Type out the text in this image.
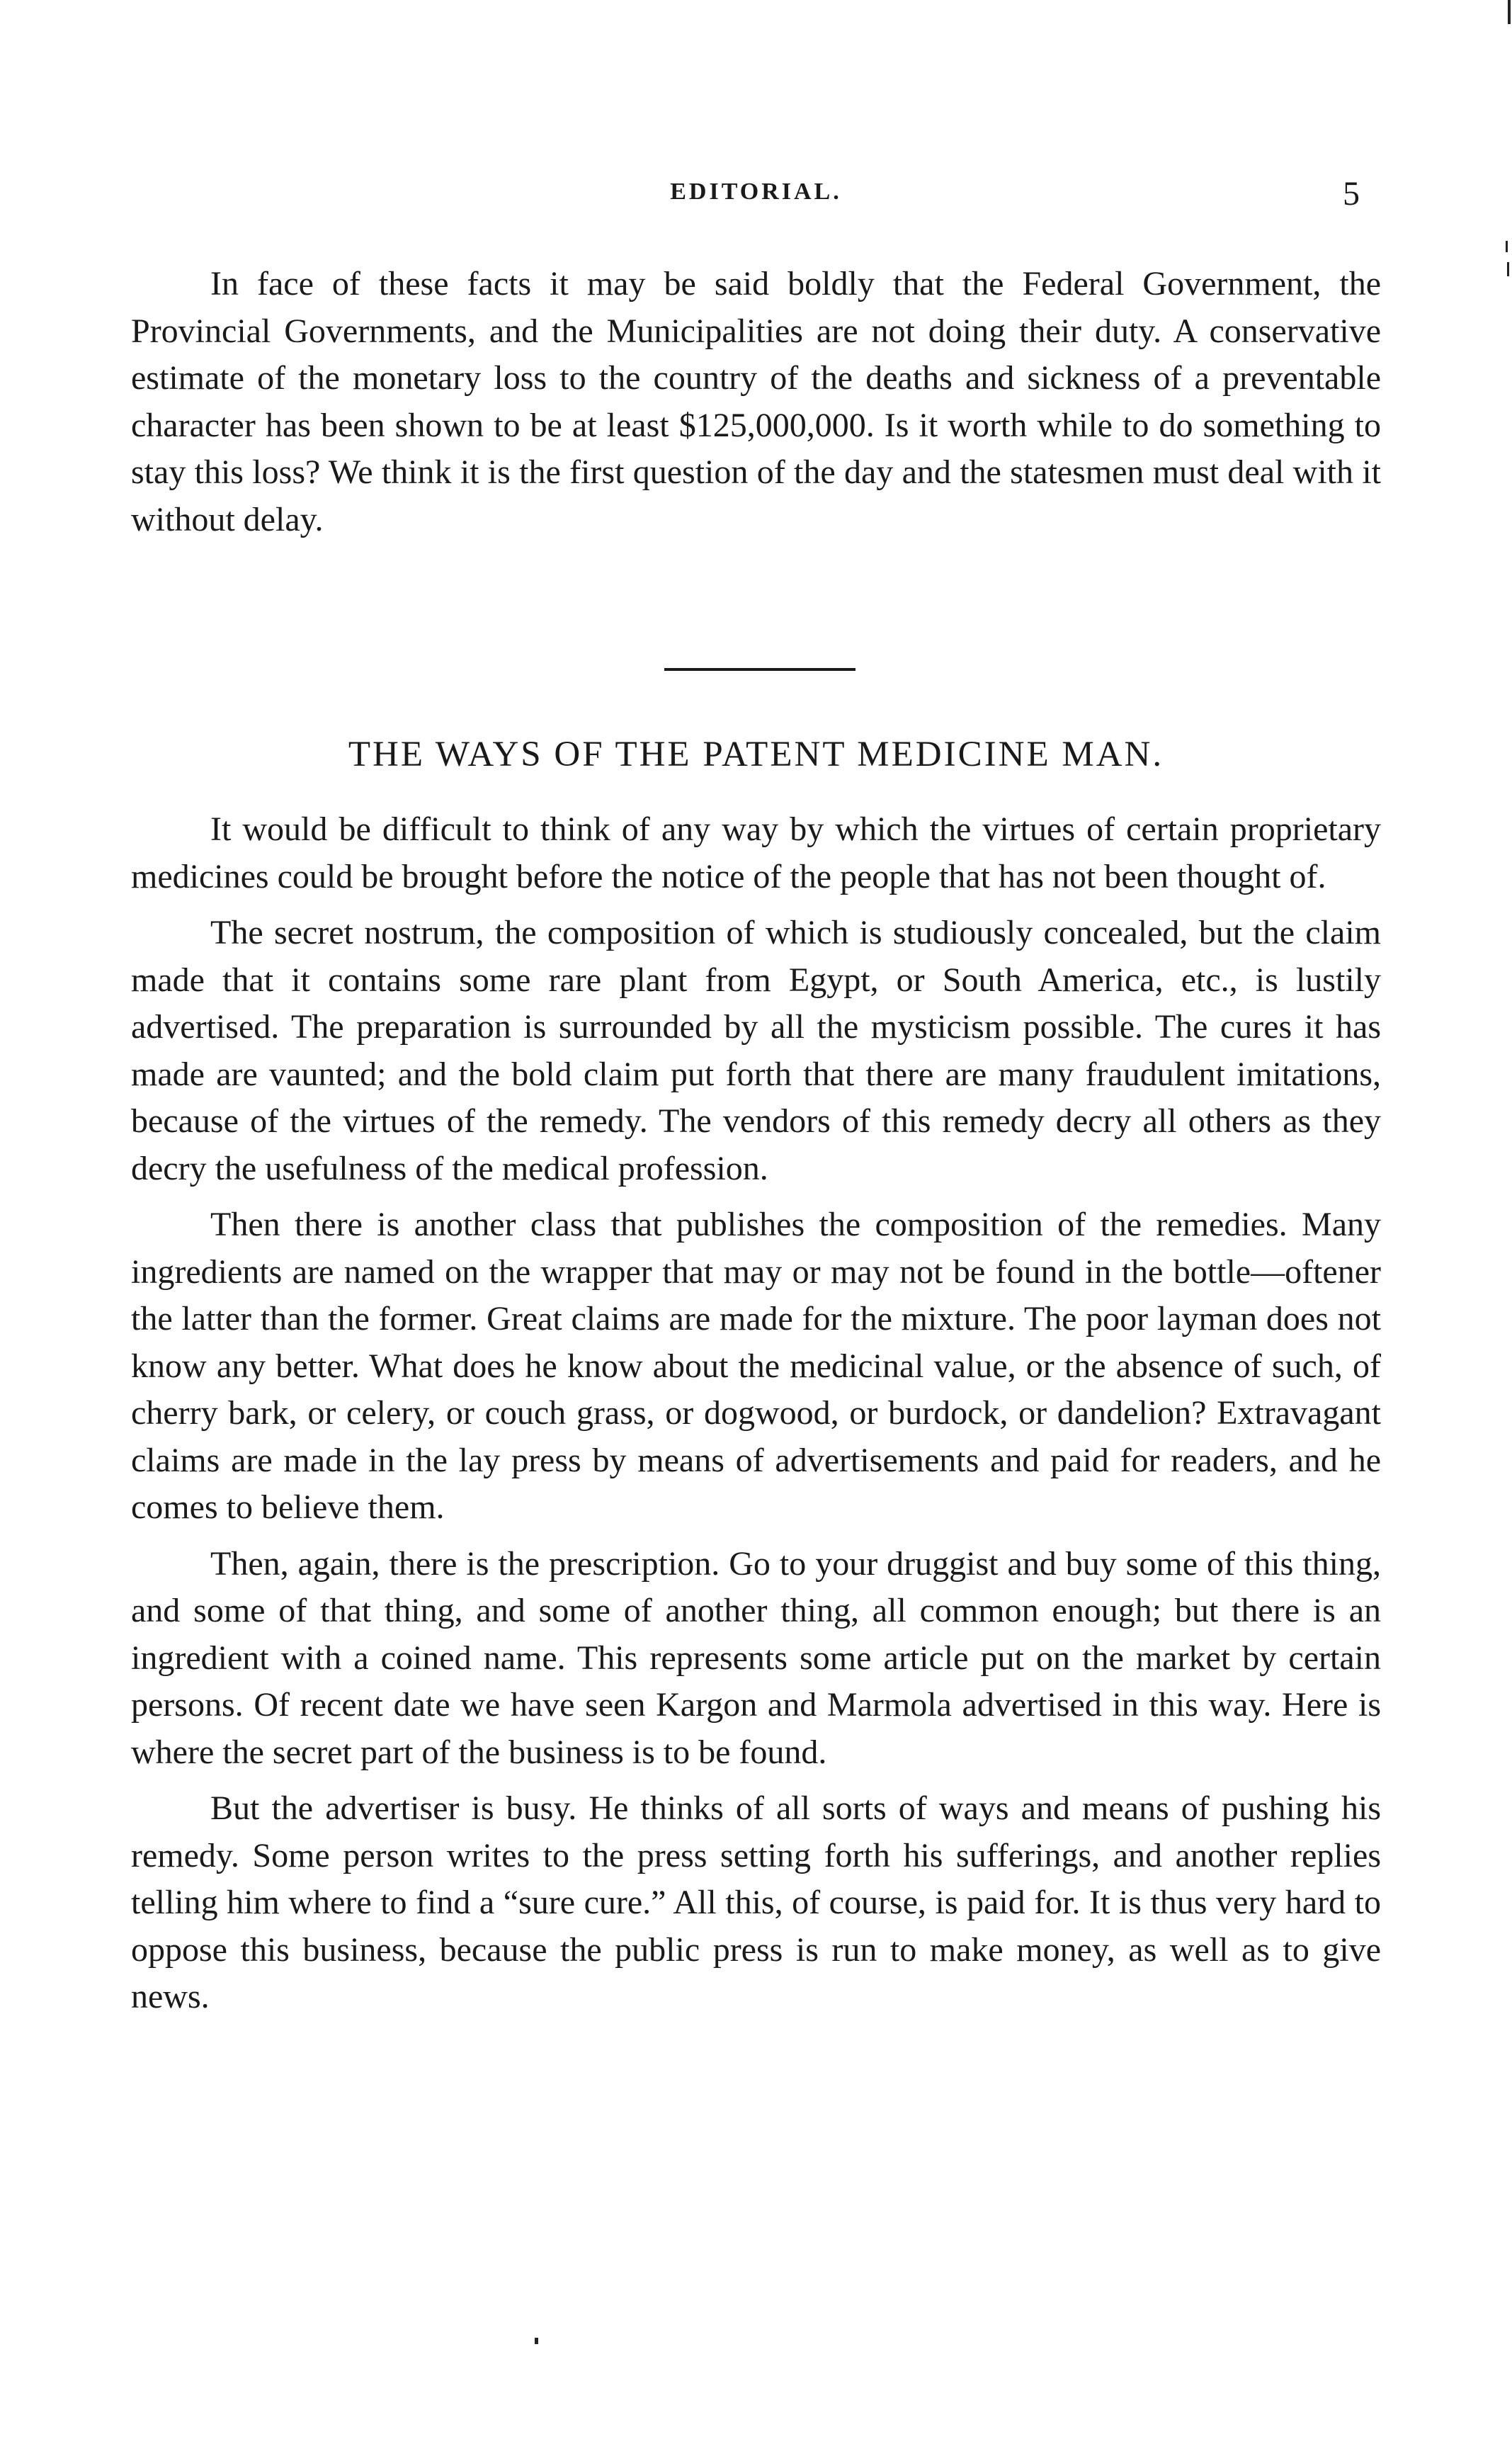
EDITORIAL.	5

In face of these facts it may be said boldly that the Federal Government, the Provincial Governments, and the Municipalities are not doing their duty. A conservative estimate of the monetary loss to the country of the deaths and sickness of a preventable character has been shown to be at least $125,000,000. Is it worth while to do something to stay this loss? We think it is the first question of the day and the statesmen must deal with it without delay.

THE WAYS OF THE PATENT MEDICINE MAN.

It would be difficult to think of any way by which the virtues of certain proprietary medicines could be brought before the notice of the people that has not been thought of.

The secret nostrum, the composition of which is studiously concealed, but the claim made that it contains some rare plant from Egypt, or South America, etc., is lustily advertised. The preparation is surrounded by all the mysticism possible. The cures it has made are vaunted; and the bold claim put forth that there are many fraudulent imitations, because of the virtues of the remedy. The vendors of this remedy decry all others as they decry the usefulness of the medical profession.

Then there is another class that publishes the composition of the remedies. Many ingredients are named on the wrapper that may or may not be found in the bottle—oftener the latter than the former. Great claims are made for the mixture. The poor layman does not know any better. What does he know about the medicinal value, or the absence of such, of cherry bark, or celery, or couch grass, or dogwood, or burdock, or dandelion? Extravagant claims are made in the lay press by means of advertisements and paid for readers, and he comes to believe them.

Then, again, there is the prescription. Go to your druggist and buy some of this thing, and some of that thing, and some of another thing, all common enough; but there is an ingredient with a coined name. This represents some article put on the market by certain persons. Of recent date we have seen Kargon and Marmola advertised in this way. Here is where the secret part of the business is to be found.

But the advertiser is busy. He thinks of all sorts of ways and means of pushing his remedy. Some person writes to the press setting forth his sufferings, and another replies telling him where to find a “sure cure.” All this, of course, is paid for. It is thus very hard to oppose this business, because the public press is run to make money, as well as to give news.
